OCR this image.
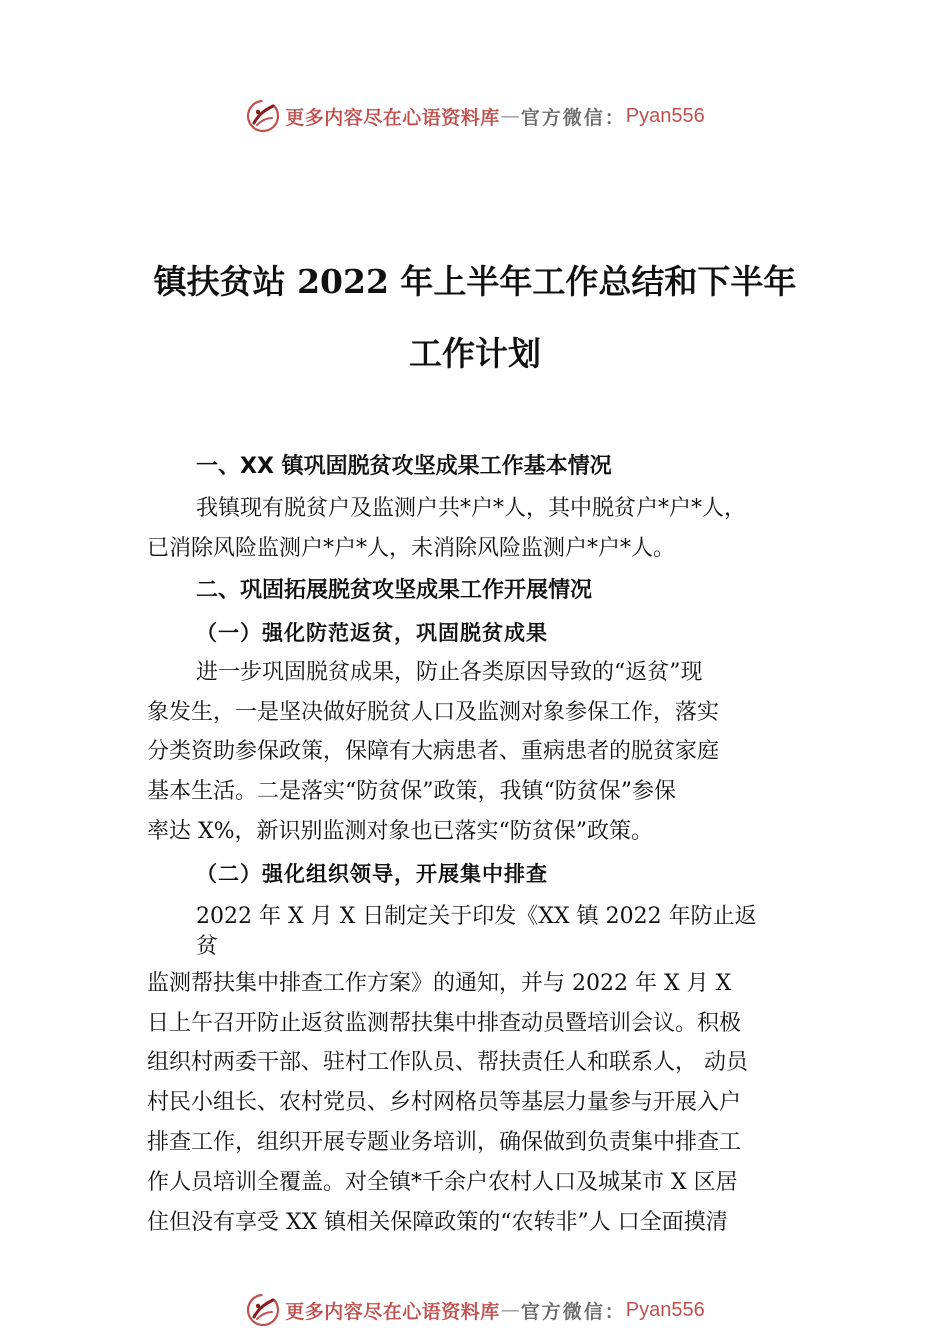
更多内容尽在心语资料库 — 官方微信： Pyan556
镇扶贫站 2022 年上半年工作总结和下半年
工作计划
一、XX 镇巩固脱贫攻坚成果工作基本情况
我镇现有脱贫户及监测户共*户*人，其中脱贫户*户*人，
已消除风险监测户*户*人，未消除风险监测户*户*人。
二、巩固拓展脱贫攻坚成果工作开展情况
（一）强化防范返贫，巩固脱贫成果
进一步巩固脱贫成果，防止各类原因导致的“返贫”现
象发生，一是坚决做好脱贫人口及监测对象参保工作，落实
分类资助参保政策，保障有大病患者、重病患者的脱贫家庭
基本生活。二是落实“防贫保”政策，我镇“防贫保”参保
率达 X%，新识别监测对象也已落实“防贫保”政策。
（二）强化组织领导，开展集中排查
2022 年 X 月 X 日制定关于印发《XX 镇 2022 年防止返
贫
监测帮扶集中排查工作方案》的通知，并与 2022 年 X 月 X
日上午召开防止返贫监测帮扶集中排查动员暨培训会议。积极
组织村两委干部、驻村工作队员、帮扶责任人和联系人， 动员
村民小组长、农村党员、乡村网格员等基层力量参与开展入户
排查工作，组织开展专题业务培训，确保做到负责集中排查工
作人员培训全覆盖。对全镇*千余户农村人口及城某市 X 区居
住但没有享受 XX 镇相关保障政策的“农转非”人 口全面摸清
更多内容尽在心语资料库 — 官方微信： Pyan556
